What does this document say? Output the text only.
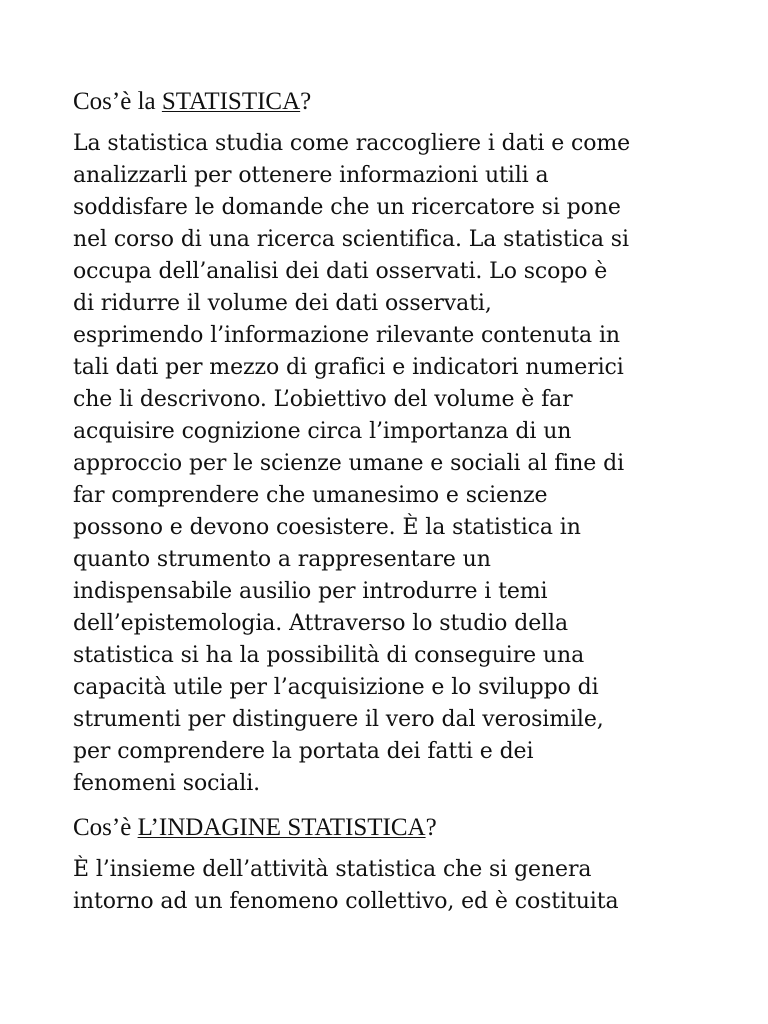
Cos’è la STATISTICA?

La statistica studia come raccogliere i dati e come
analizzarli per ottenere informazioni utili a
soddisfare le domande che un ricercatore si pone
nel corso di una ricerca scientifica. La statistica si
occupa dell’analisi dei dati osservati. Lo scopo è
di ridurre il volume dei dati osservati,
esprimendo l’informazione rilevante contenuta in
tali dati per mezzo di grafici e indicatori numerici
che li descrivono. L’obiettivo del volume è far
acquisire cognizione circa l’importanza di un
approccio per le scienze umane e sociali al fine di
far comprendere che umanesimo e scienze
possono e devono coesistere. È la statistica in
quanto strumento a rappresentare un
indispensabile ausilio per introdurre i temi
dell’epistemologia. Attraverso lo studio della
statistica si ha la possibilità di conseguire una
capacità utile per l’acquisizione e lo sviluppo di
strumenti per distinguere il vero dal verosimile,
per comprendere la portata dei fatti e dei
fenomeni sociali.

Cos’è L’INDAGINE STATISTICA?

È l’insieme dell’attività statistica che si genera
intorno ad un fenomeno collettivo, ed è costituita
